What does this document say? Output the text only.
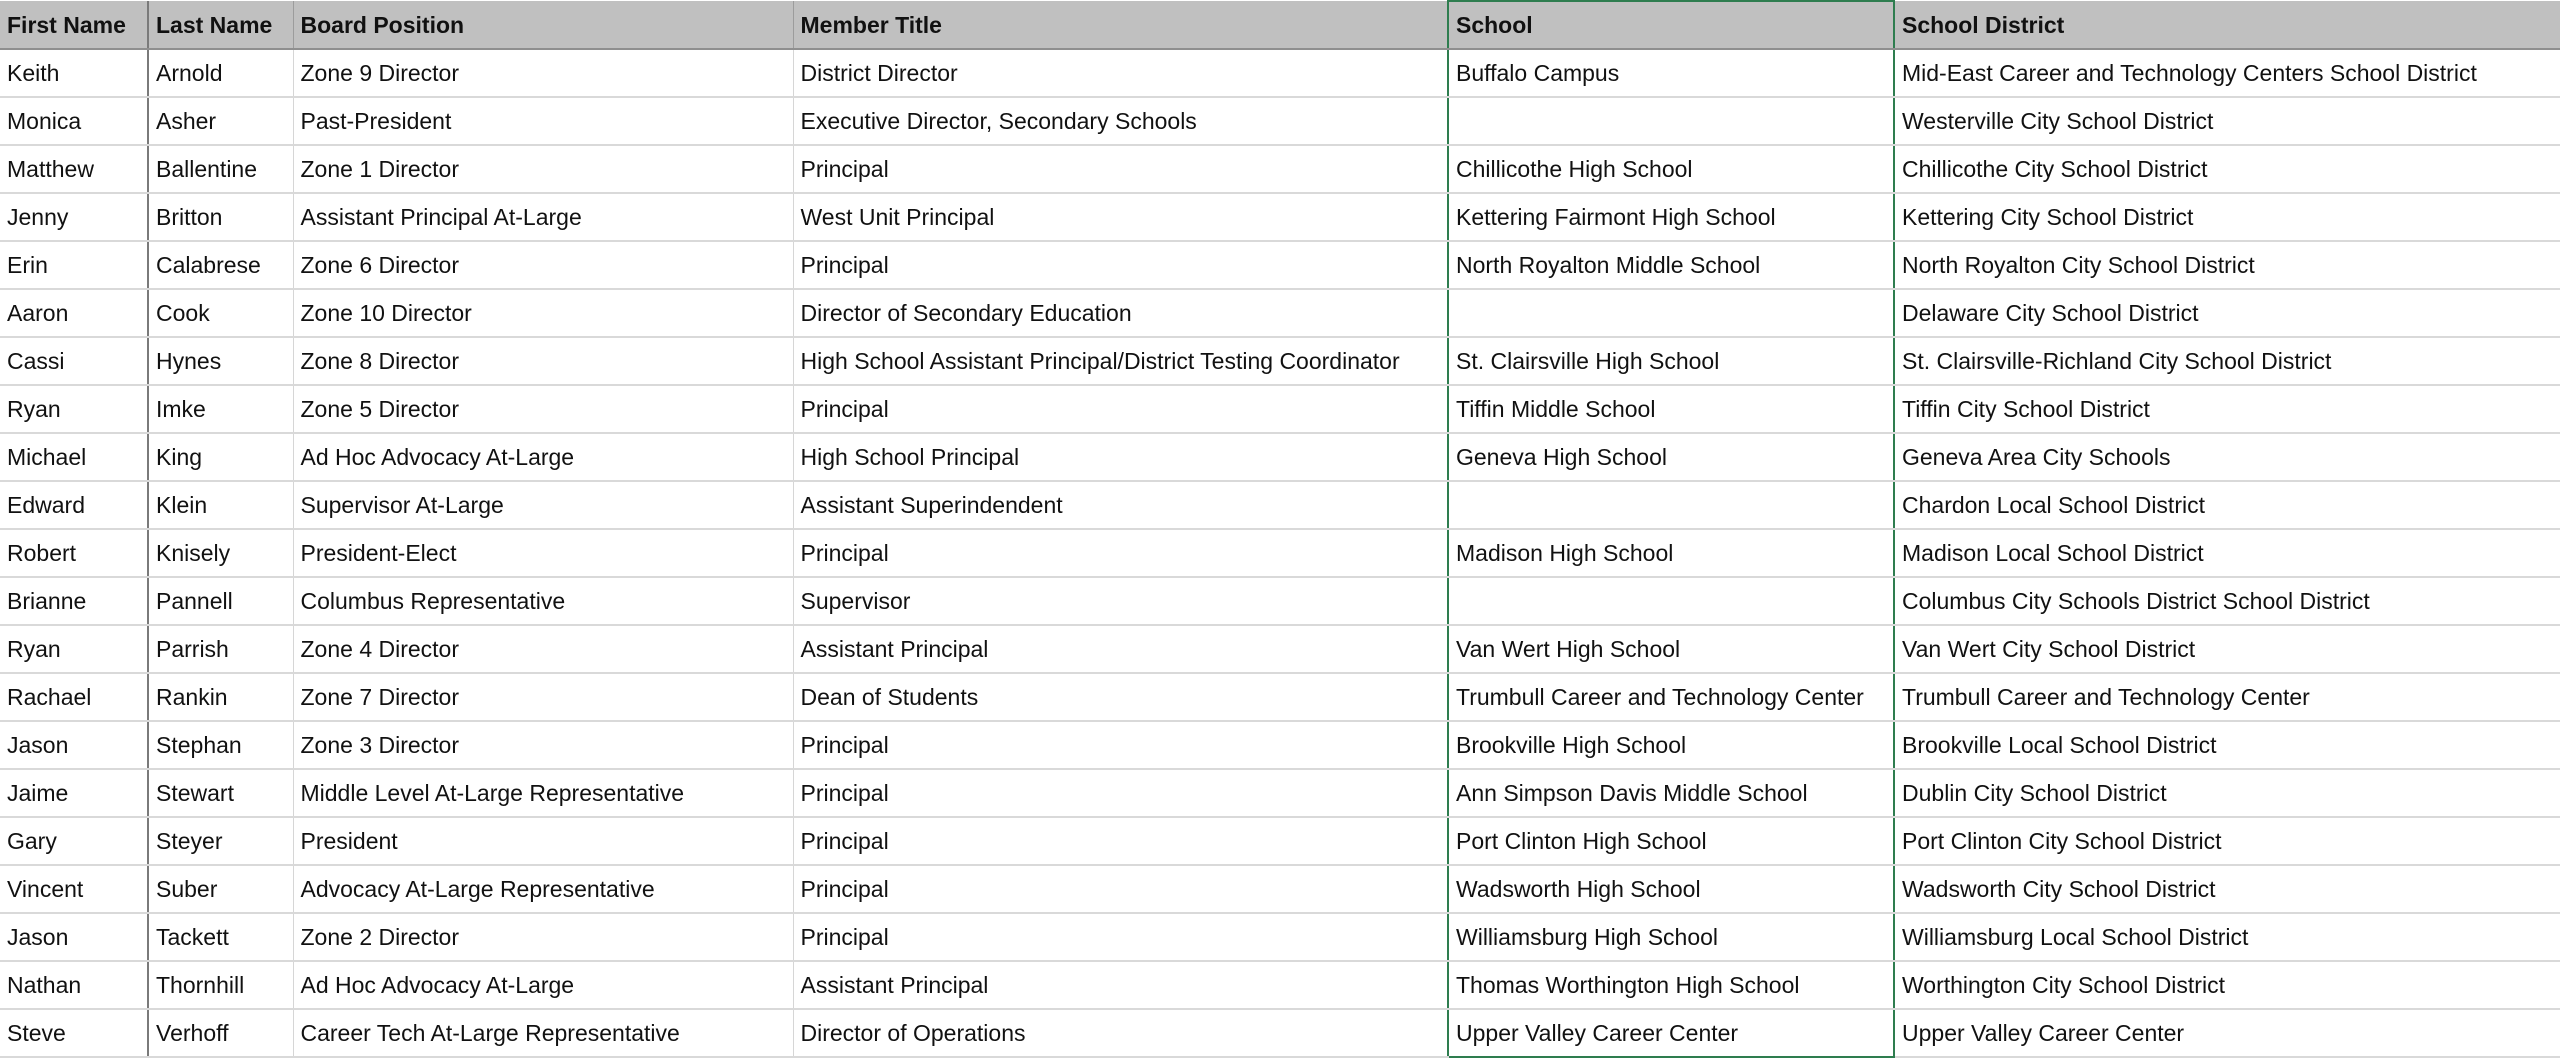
First Name	Last Name	Board Position	Member Title	School	School District
Keith	Arnold	Zone 9 Director	District Director	Buffalo Campus	Mid-East Career and Technology Centers School District
Monica	Asher	Past-President	Executive Director, Secondary Schools		Westerville City School District
Matthew	Ballentine	Zone 1 Director	Principal	Chillicothe High School	Chillicothe City School District
Jenny	Britton	Assistant Principal At-Large	West Unit Principal	Kettering Fairmont High School	Kettering City School District
Erin	Calabrese	Zone 6 Director	Principal	North Royalton Middle School	North Royalton City School District
Aaron	Cook	Zone 10 Director	Director of Secondary Education		Delaware City School District
Cassi	Hynes	Zone 8 Director	High School Assistant Principal/District Testing Coordinator	St. Clairsville High School	St. Clairsville-Richland City School District
Ryan	Imke	Zone 5 Director	Principal	Tiffin Middle School	Tiffin City School District
Michael	King	Ad Hoc Advocacy At-Large	High School Principal	Geneva High School	Geneva Area City Schools
Edward	Klein	Supervisor At-Large	Assistant Superindendent		Chardon Local School District
Robert	Knisely	President-Elect	Principal	Madison High School	Madison Local School District
Brianne	Pannell	Columbus Representative	Supervisor		Columbus City Schools District School District
Ryan	Parrish	Zone 4 Director	Assistant Principal	Van Wert High School	Van Wert City School District
Rachael	Rankin	Zone 7 Director	Dean of Students	Trumbull Career and Technology Center	Trumbull Career and Technology Center
Jason	Stephan	Zone 3 Director	Principal	Brookville High School	Brookville Local School District
Jaime	Stewart	Middle Level At-Large Representative	Principal	Ann Simpson Davis Middle School	Dublin City School District
Gary	Steyer	President	Principal	Port Clinton High School	Port Clinton City School District
Vincent	Suber	Advocacy At-Large Representative	Principal	Wadsworth High School	Wadsworth City School District
Jason	Tackett	Zone 2 Director	Principal	Williamsburg High School	Williamsburg Local School District
Nathan	Thornhill	Ad Hoc Advocacy At-Large	Assistant Principal	Thomas Worthington High School	Worthington City School District
Steve	Verhoff	Career Tech At-Large Representative	Director of Operations	Upper Valley Career Center	Upper Valley Career Center
